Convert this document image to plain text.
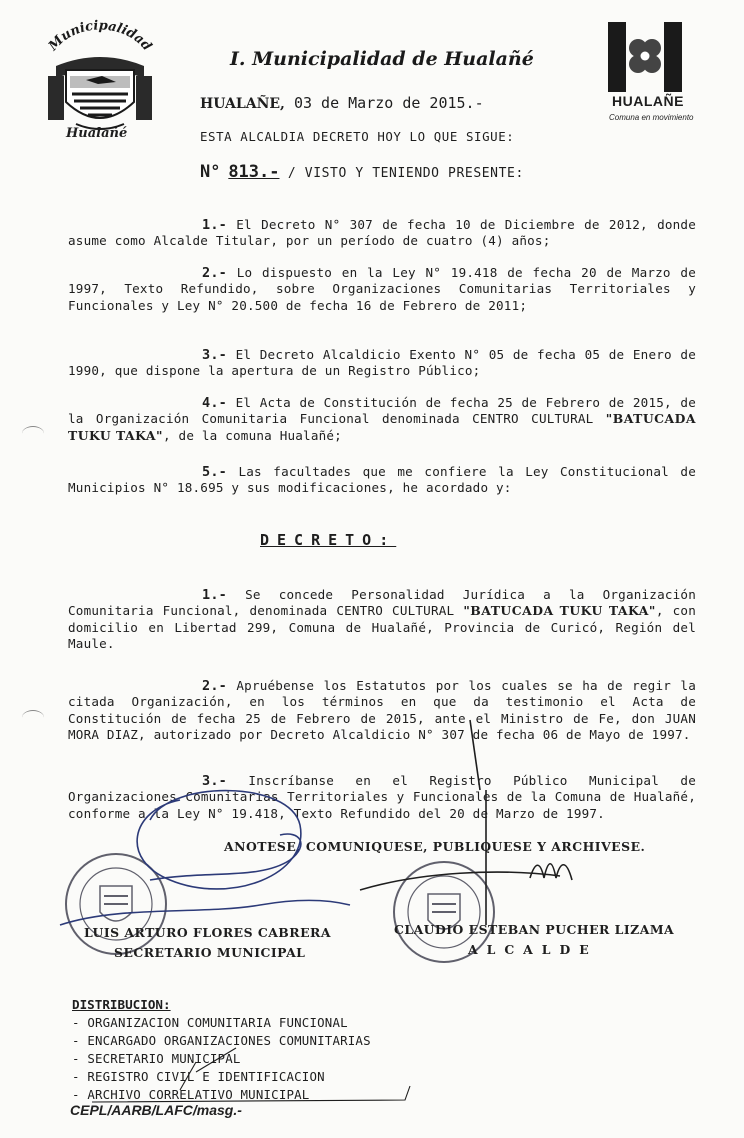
Municipalidad
Hualañé
I. Municipalidad de Hualañé
HUALAÑE, 03 de Marzo de 2015.-
ESTA ALCALDIA DECRETO HOY LO QUE SIGUE:
N° 813.- / VISTO Y TENIENDO PRESENTE:
HUALAÑE
Comuna en movimiento

1.- El Decreto N° 307 de fecha 10 de Diciembre de 2012, donde asume como Alcalde Titular, por un período de cuatro (4) años;

2.- Lo dispuesto en la Ley N° 19.418 de fecha 20 de Marzo de 1997, Texto Refundido, sobre Organizaciones Comunitarias Territoriales y Funcionales y Ley N° 20.500 de fecha 16 de Febrero de 2011;

3.- El Decreto Alcaldicio Exento N° 05 de fecha 05 de Enero de 1990, que dispone la apertura de un Registro Público;

4.- El Acta de Constitución de fecha 25 de Febrero de 2015, de la Organización Comunitaria Funcional denominada CENTRO CULTURAL "BATUCADA TUKU TAKA", de la comuna Hualañé;

5.- Las facultades que me confiere la Ley Constitucional de Municipios N° 18.695 y sus modificaciones, he acordado y:

DECRETO:

1.- Se concede Personalidad Jurídica a la Organización Comunitaria Funcional, denominada CENTRO CULTURAL "BATUCADA TUKU TAKA", con domicilio en Libertad 299, Comuna de Hualañé, Provincia de Curicó, Región del Maule.

2.- Apruébense los Estatutos por los cuales se ha de regir la citada Organización, en los términos en que da testimonio el Acta de Constitución de fecha 25 de Febrero de 2015, ante el Ministro de Fe, don JUAN MORA DIAZ, autorizado por Decreto Alcaldicio N° 307 de fecha 06 de Mayo de 1997.

3.- Inscríbanse en el Registro Público Municipal de Organizaciones Comunitarias Territoriales y Funcionales de la Comuna de Hualañé, conforme a la Ley N° 19.418, Texto Refundido del 20 de Marzo de 1997.

ANOTESE, COMUNIQUESE, PUBLIQUESE Y ARCHIVESE.
LUIS ARTURO FLORES CABRERA
SECRETARIO MUNICIPAL
CLAUDIO ESTEBAN PUCHER LIZAMA
ALCALDE
DISTRIBUCION:
- ORGANIZACION COMUNITARIA FUNCIONAL
- ENCARGADO ORGANIZACIONES COMUNITARIAS
- SECRETARIO MUNICIPAL
- REGISTRO CIVIL E IDENTIFICACION
- ARCHIVO CORRELATIVO MUNICIPAL
CEPL/AARB/LAFC/masg.-
